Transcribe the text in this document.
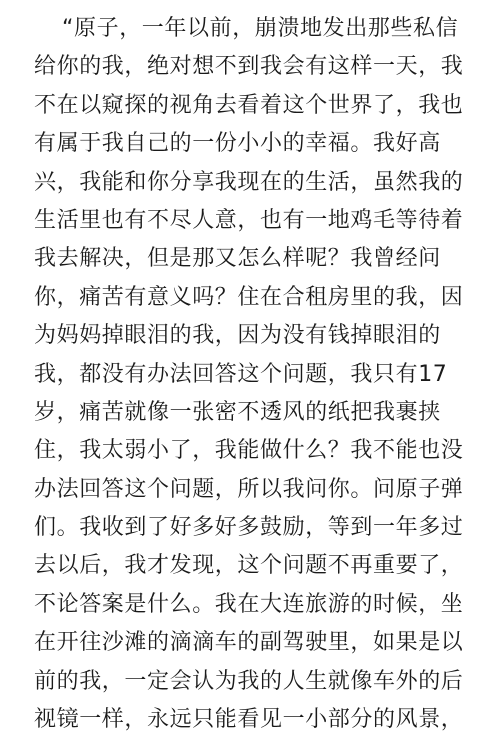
“原子，一年以前，崩溃地发出那些私信
给你的我，绝对想不到我会有这样一天，我
不在以窥探的视角去看着这个世界了，我也
有属于我自己的一份小小的幸福。我好高
兴，我能和你分享我现在的生活，虽然我的
生活里也有不尽人意，也有一地鸡毛等待着
我去解决，但是那又怎么样呢？我曾经问
你，痛苦有意义吗？住在合租房里的我，因
为妈妈掉眼泪的我，因为没有钱掉眼泪的
我，都没有办法回答这个问题，我只有17
岁，痛苦就像一张密不透风的纸把我裹挟
住，我太弱小了，我能做什么？我不能也没
办法回答这个问题，所以我问你。问原子弹
们。我收到了好多好多鼓励，等到一年多过
去以后，我才发现，这个问题不再重要了，
不论答案是什么。我在大连旅游的时候，坐
在开往沙滩的滴滴车的副驾驶里，如果是以
前的我，一定会认为我的人生就像车外的后
视镜一样，永远只能看见一小部分的风景，
